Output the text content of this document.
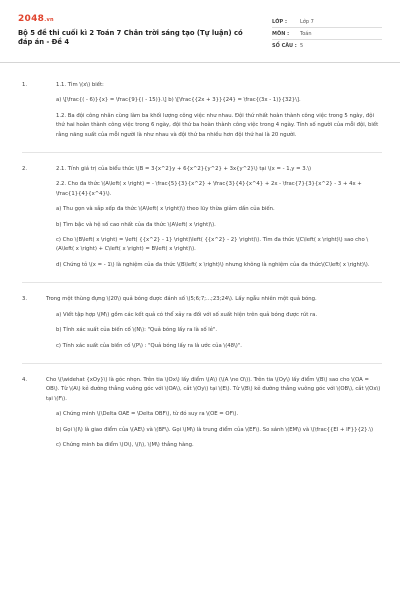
2048.vn
Bộ 5 đề thi cuối kì 2 Toán 7 Chân trời sáng tạo (Tự luận) có đáp án - Đề 4
LỚP :	Lớp 7
MÔN :	Toán
SỐ CÂU : 5
1.	1.1. Tìm \(x\) biết:
a) \[\frac{( - 6)}{x} = \frac{9}{( - 15)}.\] b) \[\frac{{2x + 3}}{24} = \frac{(3x - 1)}{32}\].
1.2. Ba đội công nhân cùng làm ba khối lượng công việc như nhau. Đội thứ nhất hoàn thành công việc trong 5 ngày, đội thứ hai hoàn thành công việc trong 6 ngày, đội thứ ba hoàn thành công việc trong 4 ngày. Tính số người của mỗi đội, biết rằng năng suất của mỗi người là như nhau và đội thứ ba nhiều hơn đội thứ hai là 20 người.
2.	2.1. Tính giá trị của biểu thức \(B = 3{x^2}y + 6{x^2}{y^2} + 3x{y^2}\) tại \(x = - 1,y = 3.\)
2.2. Cho đa thức \(A\left( x \right) = - \frac{5}{3}{x^2} + \frac{3}{4}{x^4} + 2x - \frac{7}{3}{x^2} - 3 + 4x + \frac{1}{4}{x^4}\).
a) Thu gọn và sắp xếp đa thức \(A\left( x \right)\) theo lũy thừa giảm dần của biến.
b) Tìm bậc và hệ số cao nhất của đa thức \(A\left( x \right)\).
c) Cho \(B\left( x \right) = \left( {{x^2} - 1} \right)\left( {{x^2} - 2} \right)\). Tìm đa thức \(C\left( x \right)\) sao cho \(A\left( x \right) + C\left( x \right) = B\left( x \right)\).
d) Chứng tỏ \(x = - 1\) là nghiệm của đa thức \(B\left( x \right)\) nhưng không là nghiệm của đa thức\(C\left( x \right)\).
3.	Trong một thùng đựng \(20\) quả bóng được đánh số \(5;6;7;...;23;24\). Lấy ngẫu nhiên một quả bóng.
a) Viết tập hợp \(M\) gồm các kết quả có thể xảy ra đối với số xuất hiện trên quả bóng được rút ra.
b) Tính xác suất của biến cố \(N\): "Quả bóng lấy ra là số lẻ".
c) Tính xác suất của biến cố \(P\) : "Quả bóng lấy ra là ước của \(48\)".
4.	Cho \(\widehat {xOy}\) là góc nhọn. Trên tia \(Ox\) lấy điểm \(A\) (\(A \ne O\)). Trên tia \(Oy\) lấy điểm \(B\) sao cho \(OA = OB\). Từ \(A\) kẻ đường thẳng vuông góc với \(OA\), cắt \(Oy\) tại \(E\). Từ \(B\) kẻ đường thẳng vuông góc với \(OB\), cắt \(Ox\) tại \(F\).
a) Chứng minh \(\Delta OAE = \Delta OBF\), từ đó suy ra \(OE = OF\).
b) Gọi \(I\) là giao điểm của \(AE\) và \(BF\). Gọi \(M\) là trung điểm của \(EF\). So sánh \(EM\) và \(\frac{{EI + IF}}{2}.\)
c) Chứng minh ba điểm \(O\), \(I\), \(M\) thẳng hàng.
